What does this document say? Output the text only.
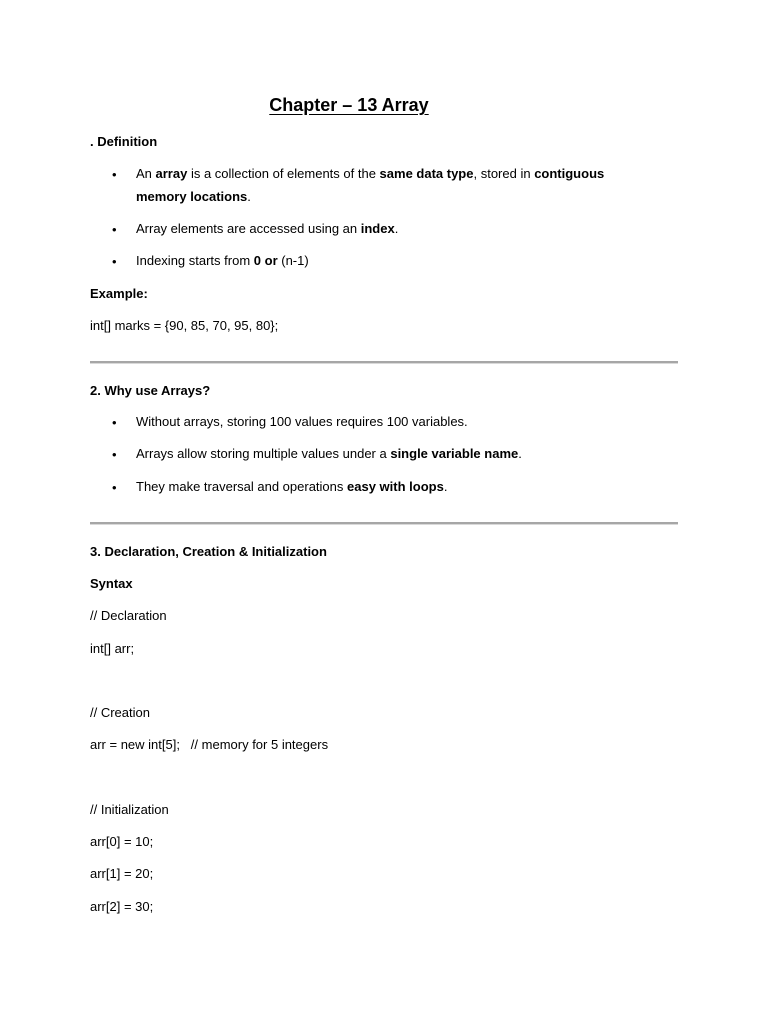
Chapter – 13 Array
. Definition
• An array is a collection of elements of the same data type, stored in contiguous memory locations.
• Array elements are accessed using an index.
• Indexing starts from 0 or (n-1)
Example:
int[] marks = {90, 85, 70, 95, 80};
2. Why use Arrays?
• Without arrays, storing 100 values requires 100 variables.
• Arrays allow storing multiple values under a single variable name.
• They make traversal and operations easy with loops.
3. Declaration, Creation & Initialization
Syntax
// Declaration
int[] arr;
// Creation
arr = new int[5];   // memory for 5 integers
// Initialization
arr[0] = 10;
arr[1] = 20;
arr[2] = 30;
